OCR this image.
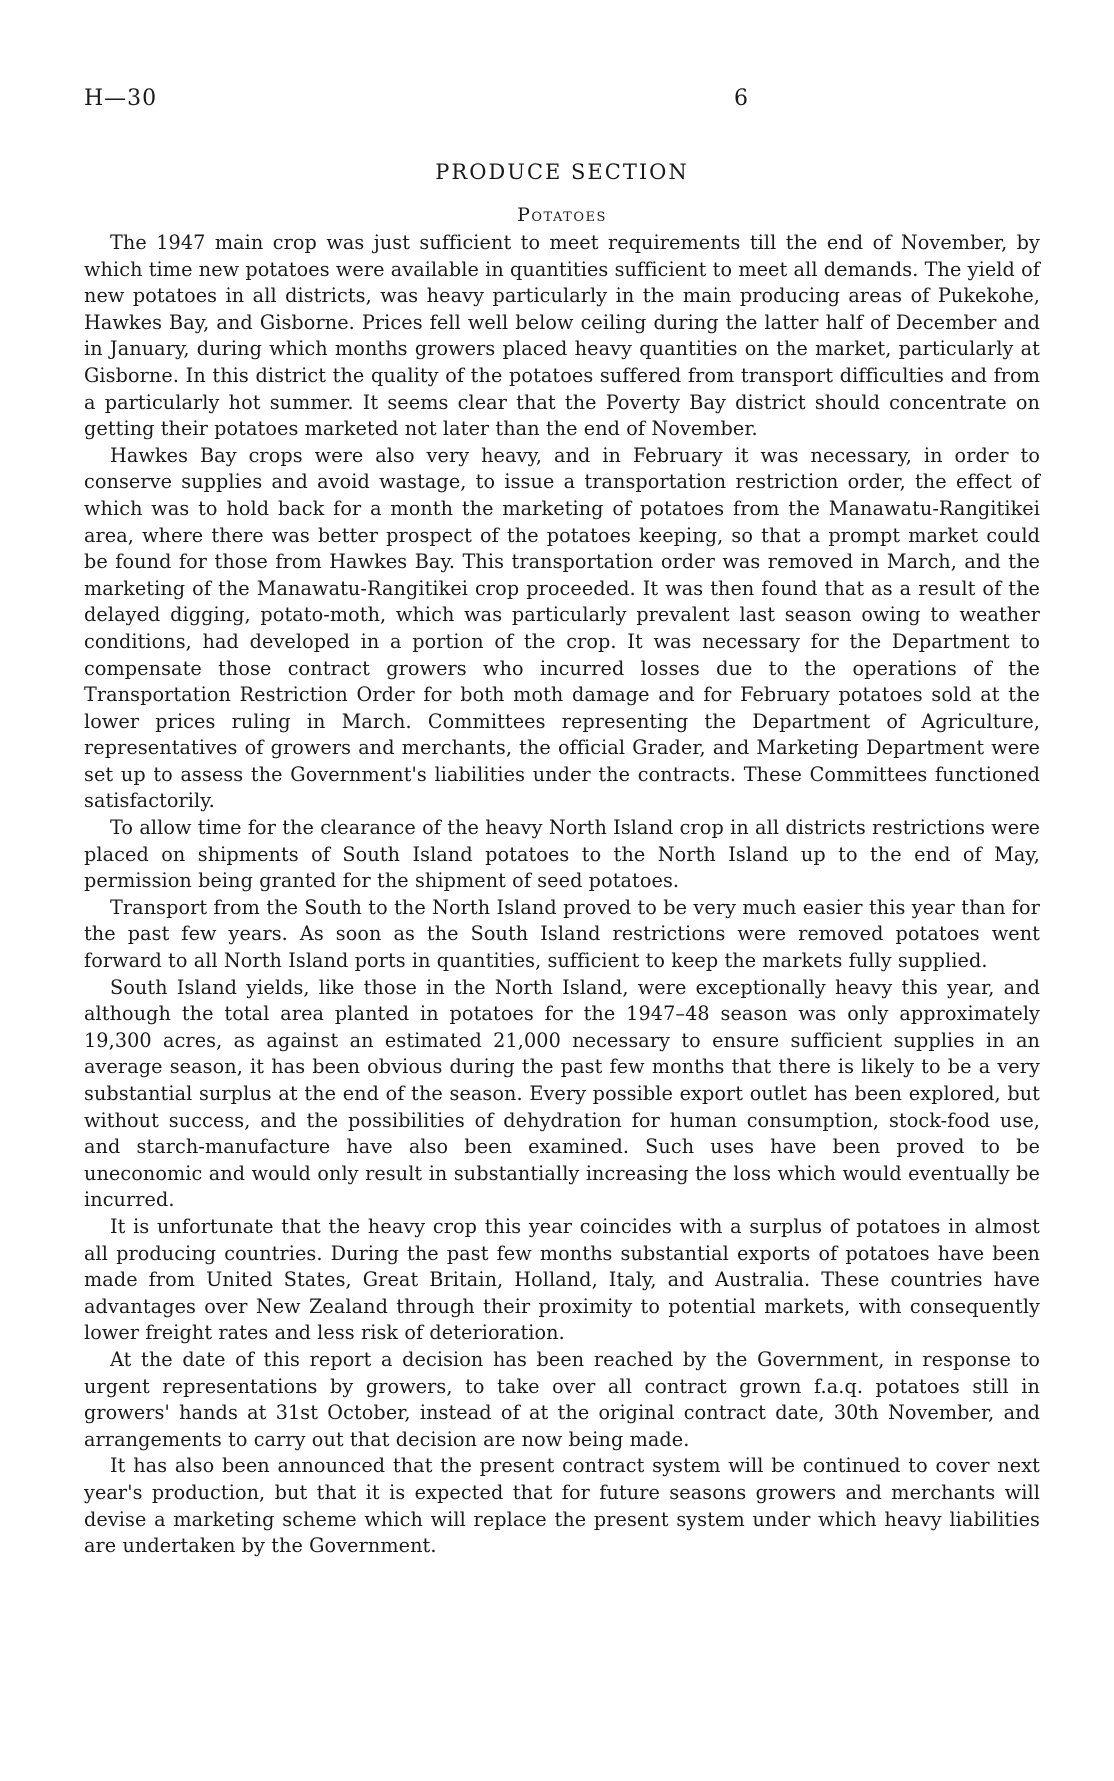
H—30	6
PRODUCE SECTION
Potatoes

The 1947 main crop was just sufficient to meet requirements till the end of November, by which time new potatoes were available in quantities sufficient to meet all demands. The yield of new potatoes in all districts, was heavy particularly in the main producing areas of Pukekohe, Hawkes Bay, and Gisborne. Prices fell well below ceiling during the latter half of December and in January, during which months growers placed heavy quantities on the market, particularly at Gisborne. In this district the quality of the potatoes suffered from transport difficulties and from a particularly hot summer. It seems clear that the Poverty Bay district should concentrate on getting their potatoes marketed not later than the end of November.

Hawkes Bay crops were also very heavy, and in February it was necessary, in order to conserve supplies and avoid wastage, to issue a transportation restriction order, the effect of which was to hold back for a month the marketing of potatoes from the Manawatu-Rangitikei area, where there was better prospect of the potatoes keeping, so that a prompt market could be found for those from Hawkes Bay. This transportation order was removed in March, and the marketing of the Manawatu-Rangitikei crop proceeded. It was then found that as a result of the delayed digging, potato-moth, which was particularly prevalent last season owing to weather conditions, had developed in a portion of the crop. It was necessary for the Department to compensate those contract growers who incurred losses due to the operations of the Transportation Restriction Order for both moth damage and for February potatoes sold at the lower prices ruling in March. Committees representing the Department of Agriculture, representatives of growers and merchants, the official Grader, and Marketing Department were set up to assess the Government's liabilities under the contracts. These Committees functioned satisfactorily.

To allow time for the clearance of the heavy North Island crop in all districts restrictions were placed on shipments of South Island potatoes to the North Island up to the end of May, permission being granted for the shipment of seed potatoes.

Transport from the South to the North Island proved to be very much easier this year than for the past few years. As soon as the South Island restrictions were removed potatoes went forward to all North Island ports in quantities, sufficient to keep the markets fully supplied.

South Island yields, like those in the North Island, were exceptionally heavy this year, and although the total area planted in potatoes for the 1947–48 season was only approximately 19,300 acres, as against an estimated 21,000 necessary to ensure sufficient supplies in an average season, it has been obvious during the past few months that there is likely to be a very substantial surplus at the end of the season. Every possible export outlet has been explored, but without success, and the possibilities of dehydration for human consumption, stock-food use, and starch-manufacture have also been examined. Such uses have been proved to be uneconomic and would only result in substantially increasing the loss which would eventually be incurred.

It is unfortunate that the heavy crop this year coincides with a surplus of potatoes in almost all producing countries. During the past few months substantial exports of potatoes have been made from United States, Great Britain, Holland, Italy, and Australia. These countries have advantages over New Zealand through their proximity to potential markets, with consequently lower freight rates and less risk of deterioration.

At the date of this report a decision has been reached by the Government, in response to urgent representations by growers, to take over all contract grown f.a.q. potatoes still in growers' hands at 31st October, instead of at the original contract date, 30th November, and arrangements to carry out that decision are now being made.

It has also been announced that the present contract system will be continued to cover next year's production, but that it is expected that for future seasons growers and merchants will devise a marketing scheme which will replace the present system under which heavy liabilities are undertaken by the Government.
